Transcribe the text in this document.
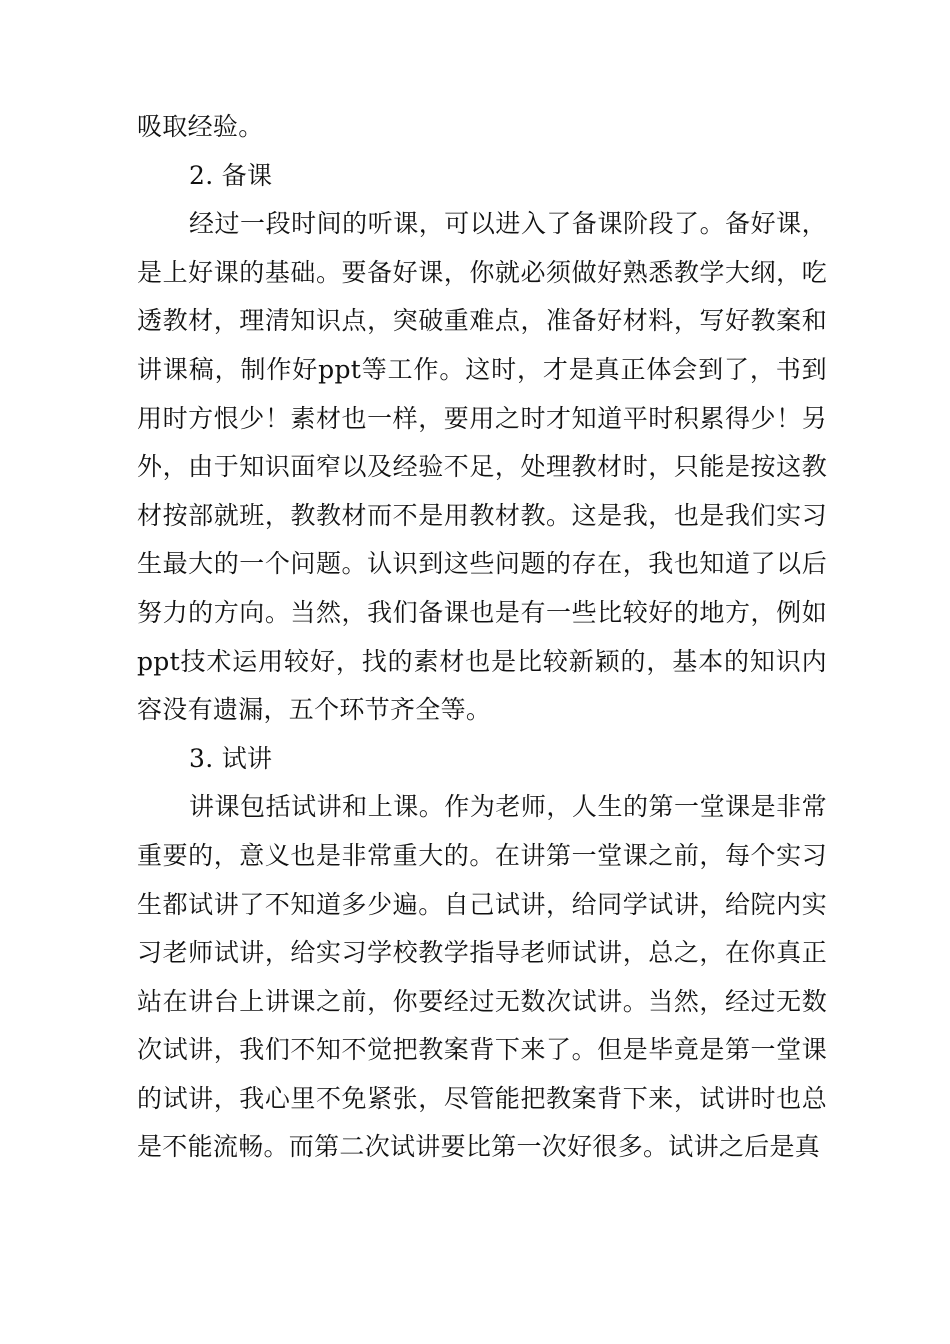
吸取经验。

2. 备课

经过一段时间的听课，可以进入了备课阶段了。备好课，是上好课的基础。要备好课，你就必须做好熟悉教学大纲，吃透教材，理清知识点，突破重难点，准备好材料，写好教案和讲课稿，制作好ppt等工作。这时，才是真正体会到了，书到用时方恨少！素材也一样，要用之时才知道平时积累得少！另外，由于知识面窄以及经验不足，处理教材时，只能是按这教材按部就班，教教材而不是用教材教。这是我，也是我们实习生最大的一个问题。认识到这些问题的存在，我也知道了以后努力的方向。当然，我们备课也是有一些比较好的地方，例如ppt技术运用较好，找的素材也是比较新颖的，基本的知识内容没有遗漏，五个环节齐全等。

3. 试讲

讲课包括试讲和上课。作为老师，人生的第一堂课是非常重要的，意义也是非常重大的。在讲第一堂课之前，每个实习生都试讲了不知道多少遍。自己试讲，给同学试讲，给院内实习老师试讲，给实习学校教学指导老师试讲，总之，在你真正站在讲台上讲课之前，你要经过无数次试讲。当然，经过无数次试讲，我们不知不觉把教案背下来了。但是毕竟是第一堂课的试讲，我心里不免紧张，尽管能把教案背下来，试讲时也总是不能流畅。而第二次试讲要比第一次好很多。试讲之后是真
